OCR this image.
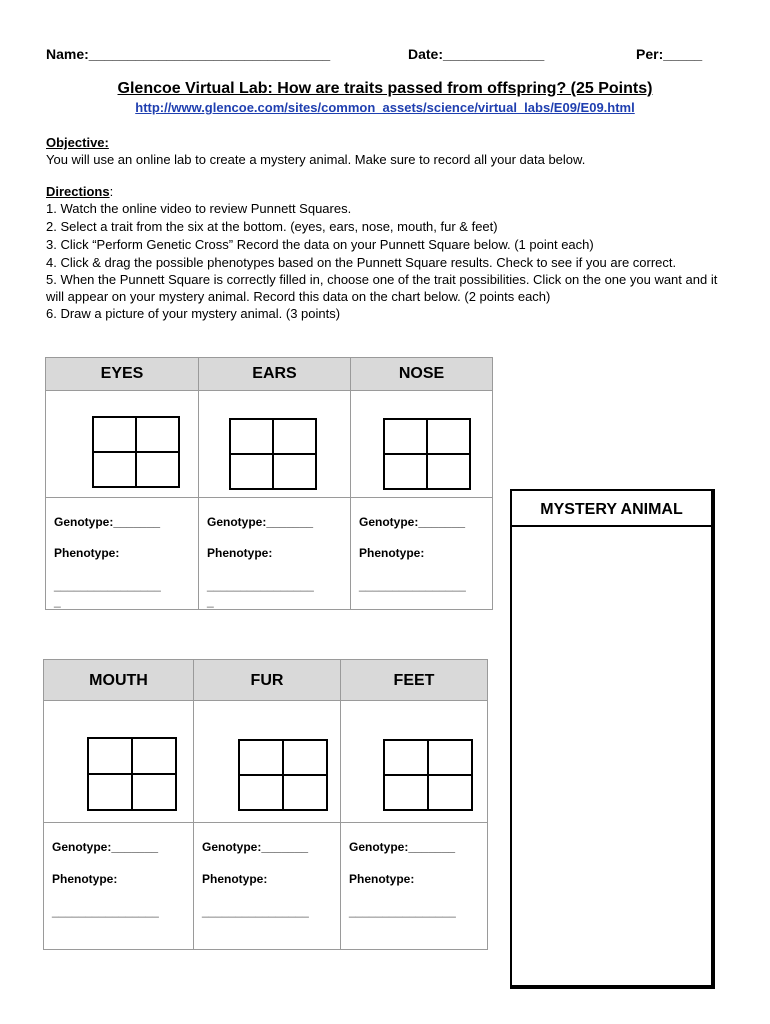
Name:_______________________________	Date:_____________	Per:_____
Glencoe Virtual Lab: How are traits passed from offspring? (25 Points)
http://www.glencoe.com/sites/common_assets/science/virtual_labs/E09/E09.html
Objective:
You will use an online lab to create a mystery animal. Make sure to record all your data below.
Directions:

1. Watch the online video to review Punnett Squares.
2. Select a trait from the six at the bottom. (eyes, ears, nose, mouth, fur & feet)
3. Click “Perform Genetic Cross” Record the data on your Punnett Square below. (1 point each)
4. Click & drag the possible phenotypes based on the Punnett Square results. Check to see if you are correct.
5. When the Punnett Square is correctly filled in, choose one of the trait possibilities. Click on the one you want and it will appear on your mystery animal. Record this data on the chart below. (2 points each)
6. Draw a picture of your mystery animal. (3 points)
EYES
Genotype:_______
Phenotype:
________________
_
EARS
Genotype:_______
Phenotype:
________________
_
NOSE
Genotype:_______
Phenotype:
________________
MYSTERY ANIMAL
MOUTH
Genotype:_______
Phenotype:
________________
FUR
Genotype:_______
Phenotype:
________________
FEET
Genotype:_______
Phenotype:
________________
